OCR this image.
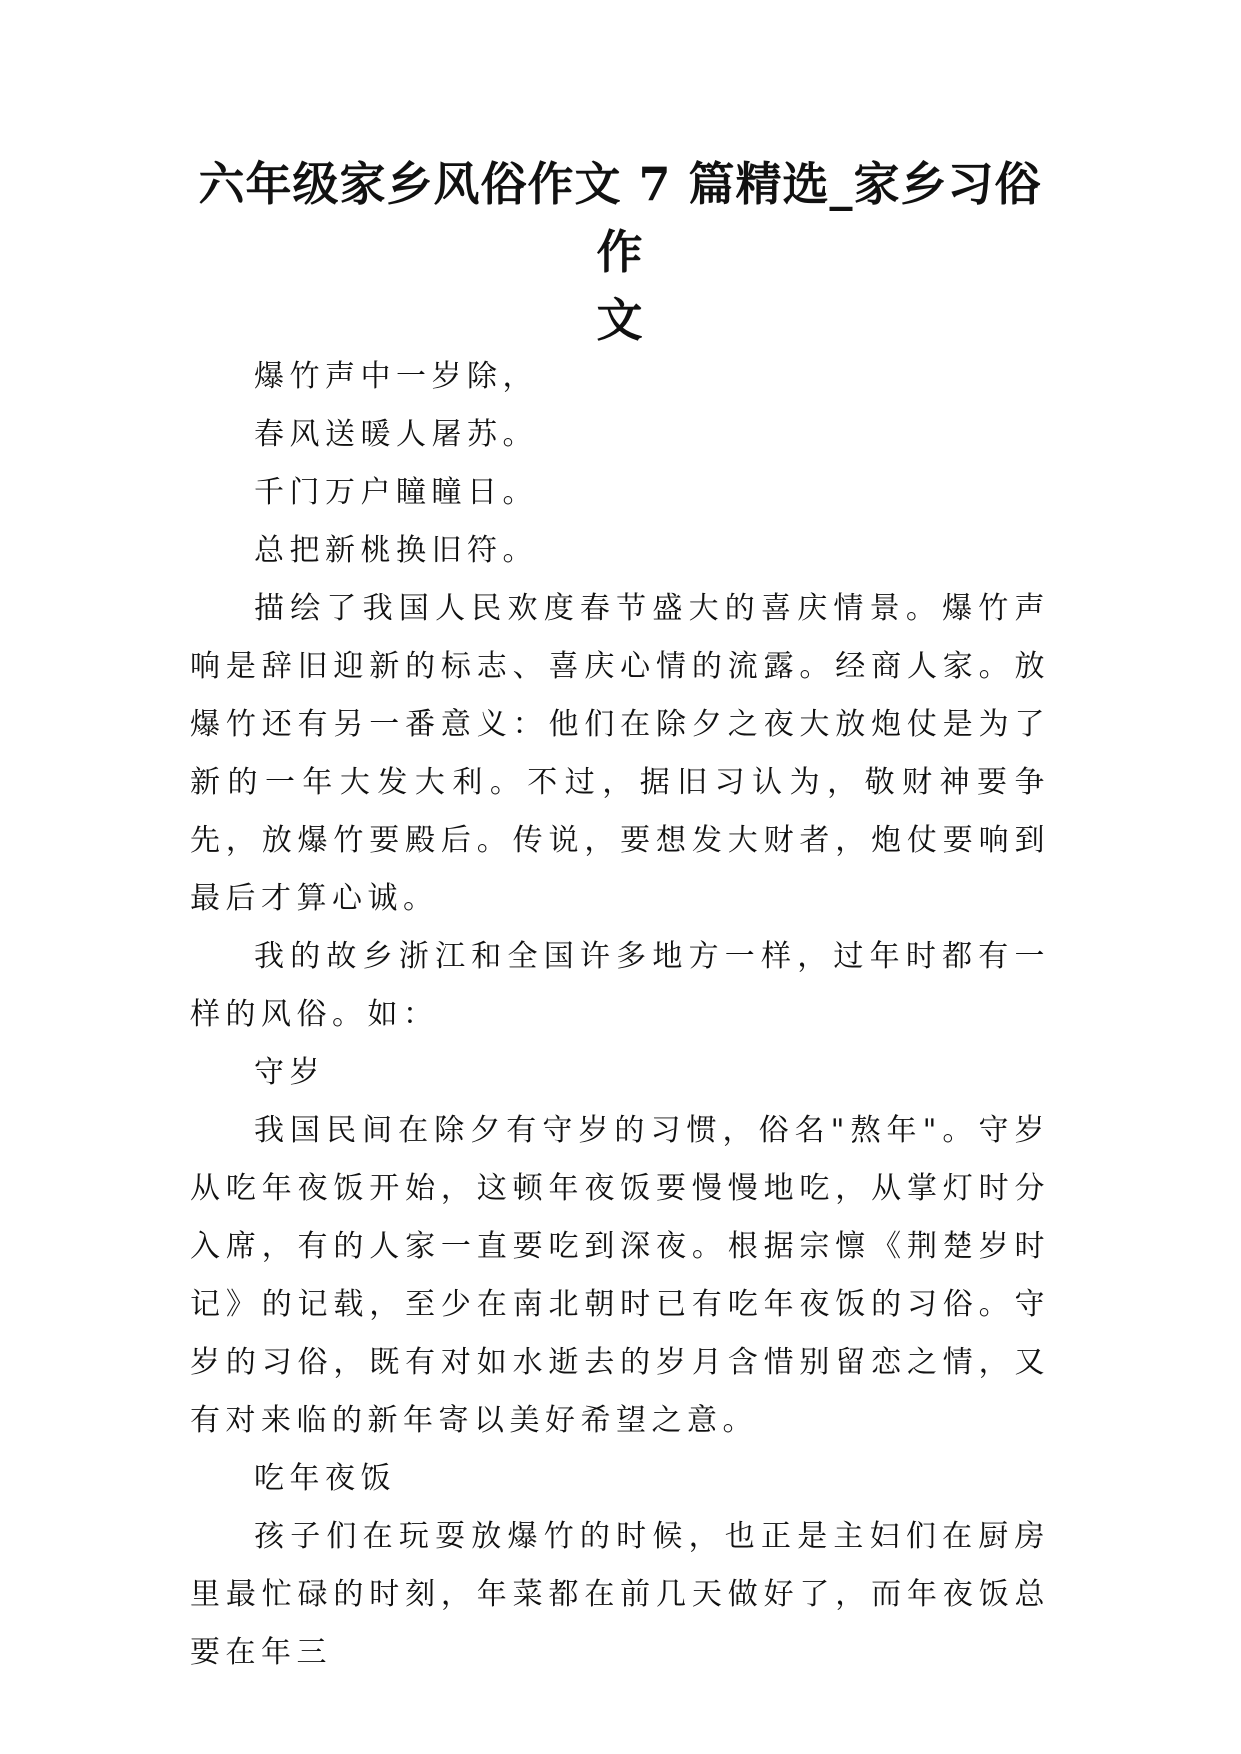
六年级家乡风俗作文 7 篇精选_家乡习俗作
文

爆竹声中一岁除，

春风送暖人屠苏。

千门万户瞳瞳日。

总把新桃换旧符。

描绘了我国人民欢度春节盛大的喜庆情景。爆竹声响是辞旧迎新的标志、喜庆心情的流露。经商人家。放爆竹还有另一番意义：他们在除夕之夜大放炮仗是为了新的一年大发大利。不过，据旧习认为，敬财神要争先，放爆竹要殿后。传说，要想发大财者，炮仗要响到最后才算心诚。

我的故乡浙江和全国许多地方一样，过年时都有一样的风俗。如：

守岁

我国民间在除夕有守岁的习惯，俗名"熬年"。守岁从吃年夜饭开始，这顿年夜饭要慢慢地吃，从掌灯时分入席，有的人家一直要吃到深夜。根据宗懔《荆楚岁时记》的记载，至少在南北朝时已有吃年夜饭的习俗。守岁的习俗，既有对如水逝去的岁月含惜别留恋之情，又有对来临的新年寄以美好希望之意。

吃年夜饭

孩子们在玩耍放爆竹的时候，也正是主妇们在厨房里最忙碌的时刻，年菜都在前几天做好了，而年夜饭总要在年三
